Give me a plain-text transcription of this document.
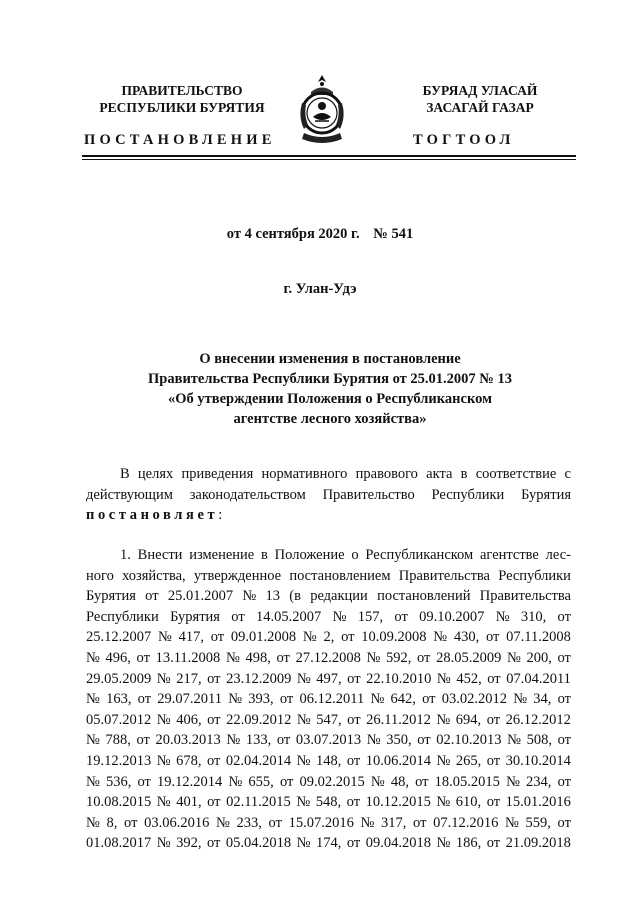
ПРАВИТЕЛЬСТВО
РЕСПУБЛИКИ БУРЯТИЯ
БУРЯАД УЛАСАЙ
ЗАСАГАЙ ГАЗАР
ПОСТАНОВЛЕНИЕ	ТОГТООЛ
от 4 сентября 2020 г. № 541
г. Улан-Удэ
О внесении изменения в постановление
Правительства Республики Бурятия от 25.01.2007 № 13
«Об утверждении Положения о Республиканском
агентстве лесного хозяйства»
В целях приведения нормативного правового акта в соответствие с
действующим законодательством Правительство Республики Бурятия
постановляет :
1. Внести изменение в Положение о Республиканском агентстве лес-
ного хозяйства, утвержденное постановлением Правительства Республики
Бурятия от 25.01.2007 № 13 (в редакции постановлений Правительства
Республики Бурятия от 14.05.2007 № 157, от 09.10.2007 № 310, от
25.12.2007 № 417, от 09.01.2008 № 2, от 10.09.2008 № 430, от 07.11.2008
№ 496, от 13.11.2008 № 498, от 27.12.2008 № 592, от 28.05.2009 № 200, от
29.05.2009 № 217, от 23.12.2009 № 497, от 22.10.2010 № 452, от 07.04.2011
№ 163, от 29.07.2011 № 393, от 06.12.2011 № 642, от 03.02.2012 № 34, от
05.07.2012 № 406, от 22.09.2012 № 547, от 26.11.2012 № 694, от 26.12.2012
№ 788, от 20.03.2013 № 133, от 03.07.2013 № 350, от 02.10.2013 № 508, от
19.12.2013 № 678, от 02.04.2014 № 148, от 10.06.2014 № 265, от 30.10.2014
№ 536, от 19.12.2014 № 655, от 09.02.2015 № 48, от 18.05.2015 № 234, от
10.08.2015 № 401, от 02.11.2015 № 548, от 10.12.2015 № 610, от 15.01.2016
№ 8, от 03.06.2016 № 233, от 15.07.2016 № 317, от 07.12.2016 № 559, от
01.08.2017 № 392, от 05.04.2018 № 174, от 09.04.2018 № 186, от 21.09.2018
